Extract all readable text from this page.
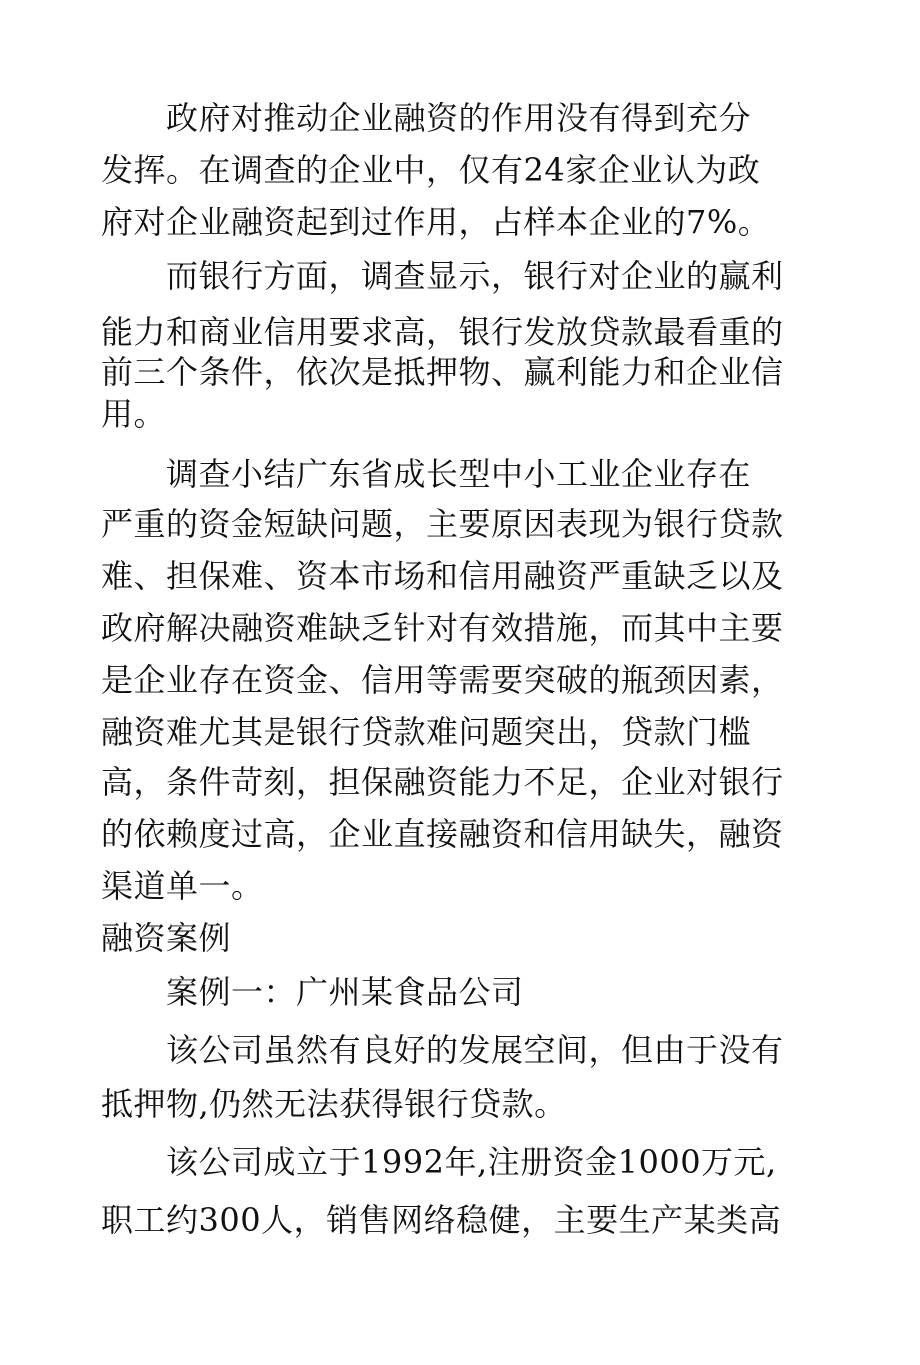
政府对推动企业融资的作用没有得到充分
发挥。在调查的企业中，仅有24家企业认为政
府对企业融资起到过作用，占样本企业的7%。
而银行方面，调查显示，银行对企业的赢利
能力和商业信用要求高，银行发放贷款最看重的
前三个条件，依次是抵押物、赢利能力和企业信
用。
调查小结广东省成长型中小工业企业存在
严重的资金短缺问题，主要原因表现为银行贷款
难、担保难、资本市场和信用融资严重缺乏以及
政府解决融资难缺乏针对有效措施，而其中主要
是企业存在资金、信用等需要突破的瓶颈因素，
融资难尤其是银行贷款难问题突出，贷款门槛
高，条件苛刻，担保融资能力不足，企业对银行
的依赖度过高，企业直接融资和信用缺失，融资
渠道单一。
融资案例
案例一：广州某食品公司
该公司虽然有良好的发展空间，但由于没有
抵押物,仍然无法获得银行贷款。
该公司成立于1992年,注册资金1000万元,
职工约300人，销售网络稳健，主要生产某类高
